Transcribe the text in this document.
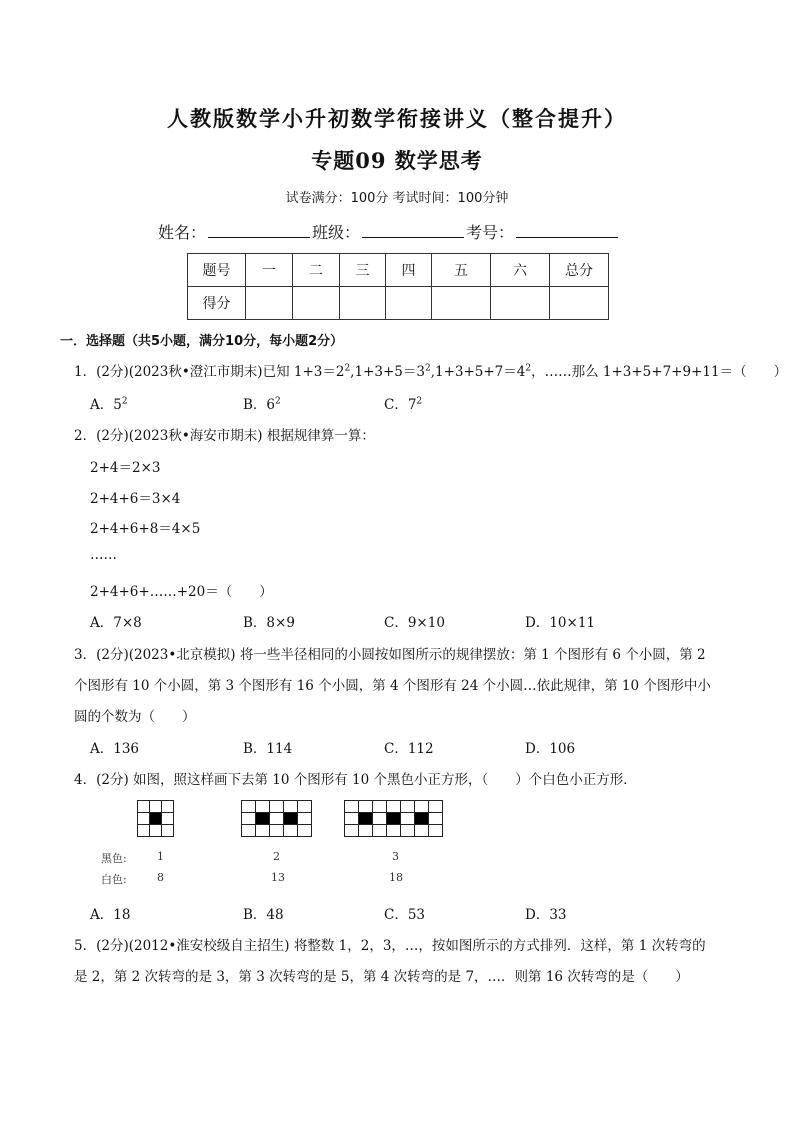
人教版数学小升初数学衔接讲义（整合提升）
专题09 数学思考
试卷满分：100分 考试时间：100分钟
姓名：	班级：	考号：
题号	一	二	三	四	五	六	总分
得分							
一．选择题（共5小题，满分10分，每小题2分）
1．(2分)(2023秋•澄江市期末)已知 $1+3=2^2,1+3+5=3^2,1+3+5+7=4^2$，……那么 1+3+5+7+9+11＝（　　）
A．$5^2$	B．$6^2$	C．$7^2$
2．(2分)(2023秋•海安市期末) 根据规律算一算：
2+4＝2×3
2+4+6＝3×4
2+4+6+8＝4×5
……
2+4+6+……+20＝（　　）
A．7×8	B．8×9	C．9×10	D．10×11
3．(2分)(2023•北京模拟) 将一些半径相同的小圆按如图所示的规律摆放：第 1 个图形有 6 个小圆，第 2
个图形有 10 个小圆，第 3 个图形有 16 个小圆，第 4 个图形有 24 个小圆…依此规律，第 10 个图形中小
圆的个数为（　　）
A．136	B．114	C．112	D．106
4．(2分) 如图，照这样画下去第 10 个图形有 10 个黑色小正方形，（　　）个白色小正方形．
黑色:	1	2	3
白色:	8	13	18
A．18	B．48	C．53	D．33
5．(2分)(2012•淮安校级自主招生) 将整数 1，2，3，…，按如图所示的方式排列．这样，第 1 次转弯的
是 2，第 2 次转弯的是 3，第 3 次转弯的是 5，第 4 次转弯的是 7，…．则第 16 次转弯的是（　　）
